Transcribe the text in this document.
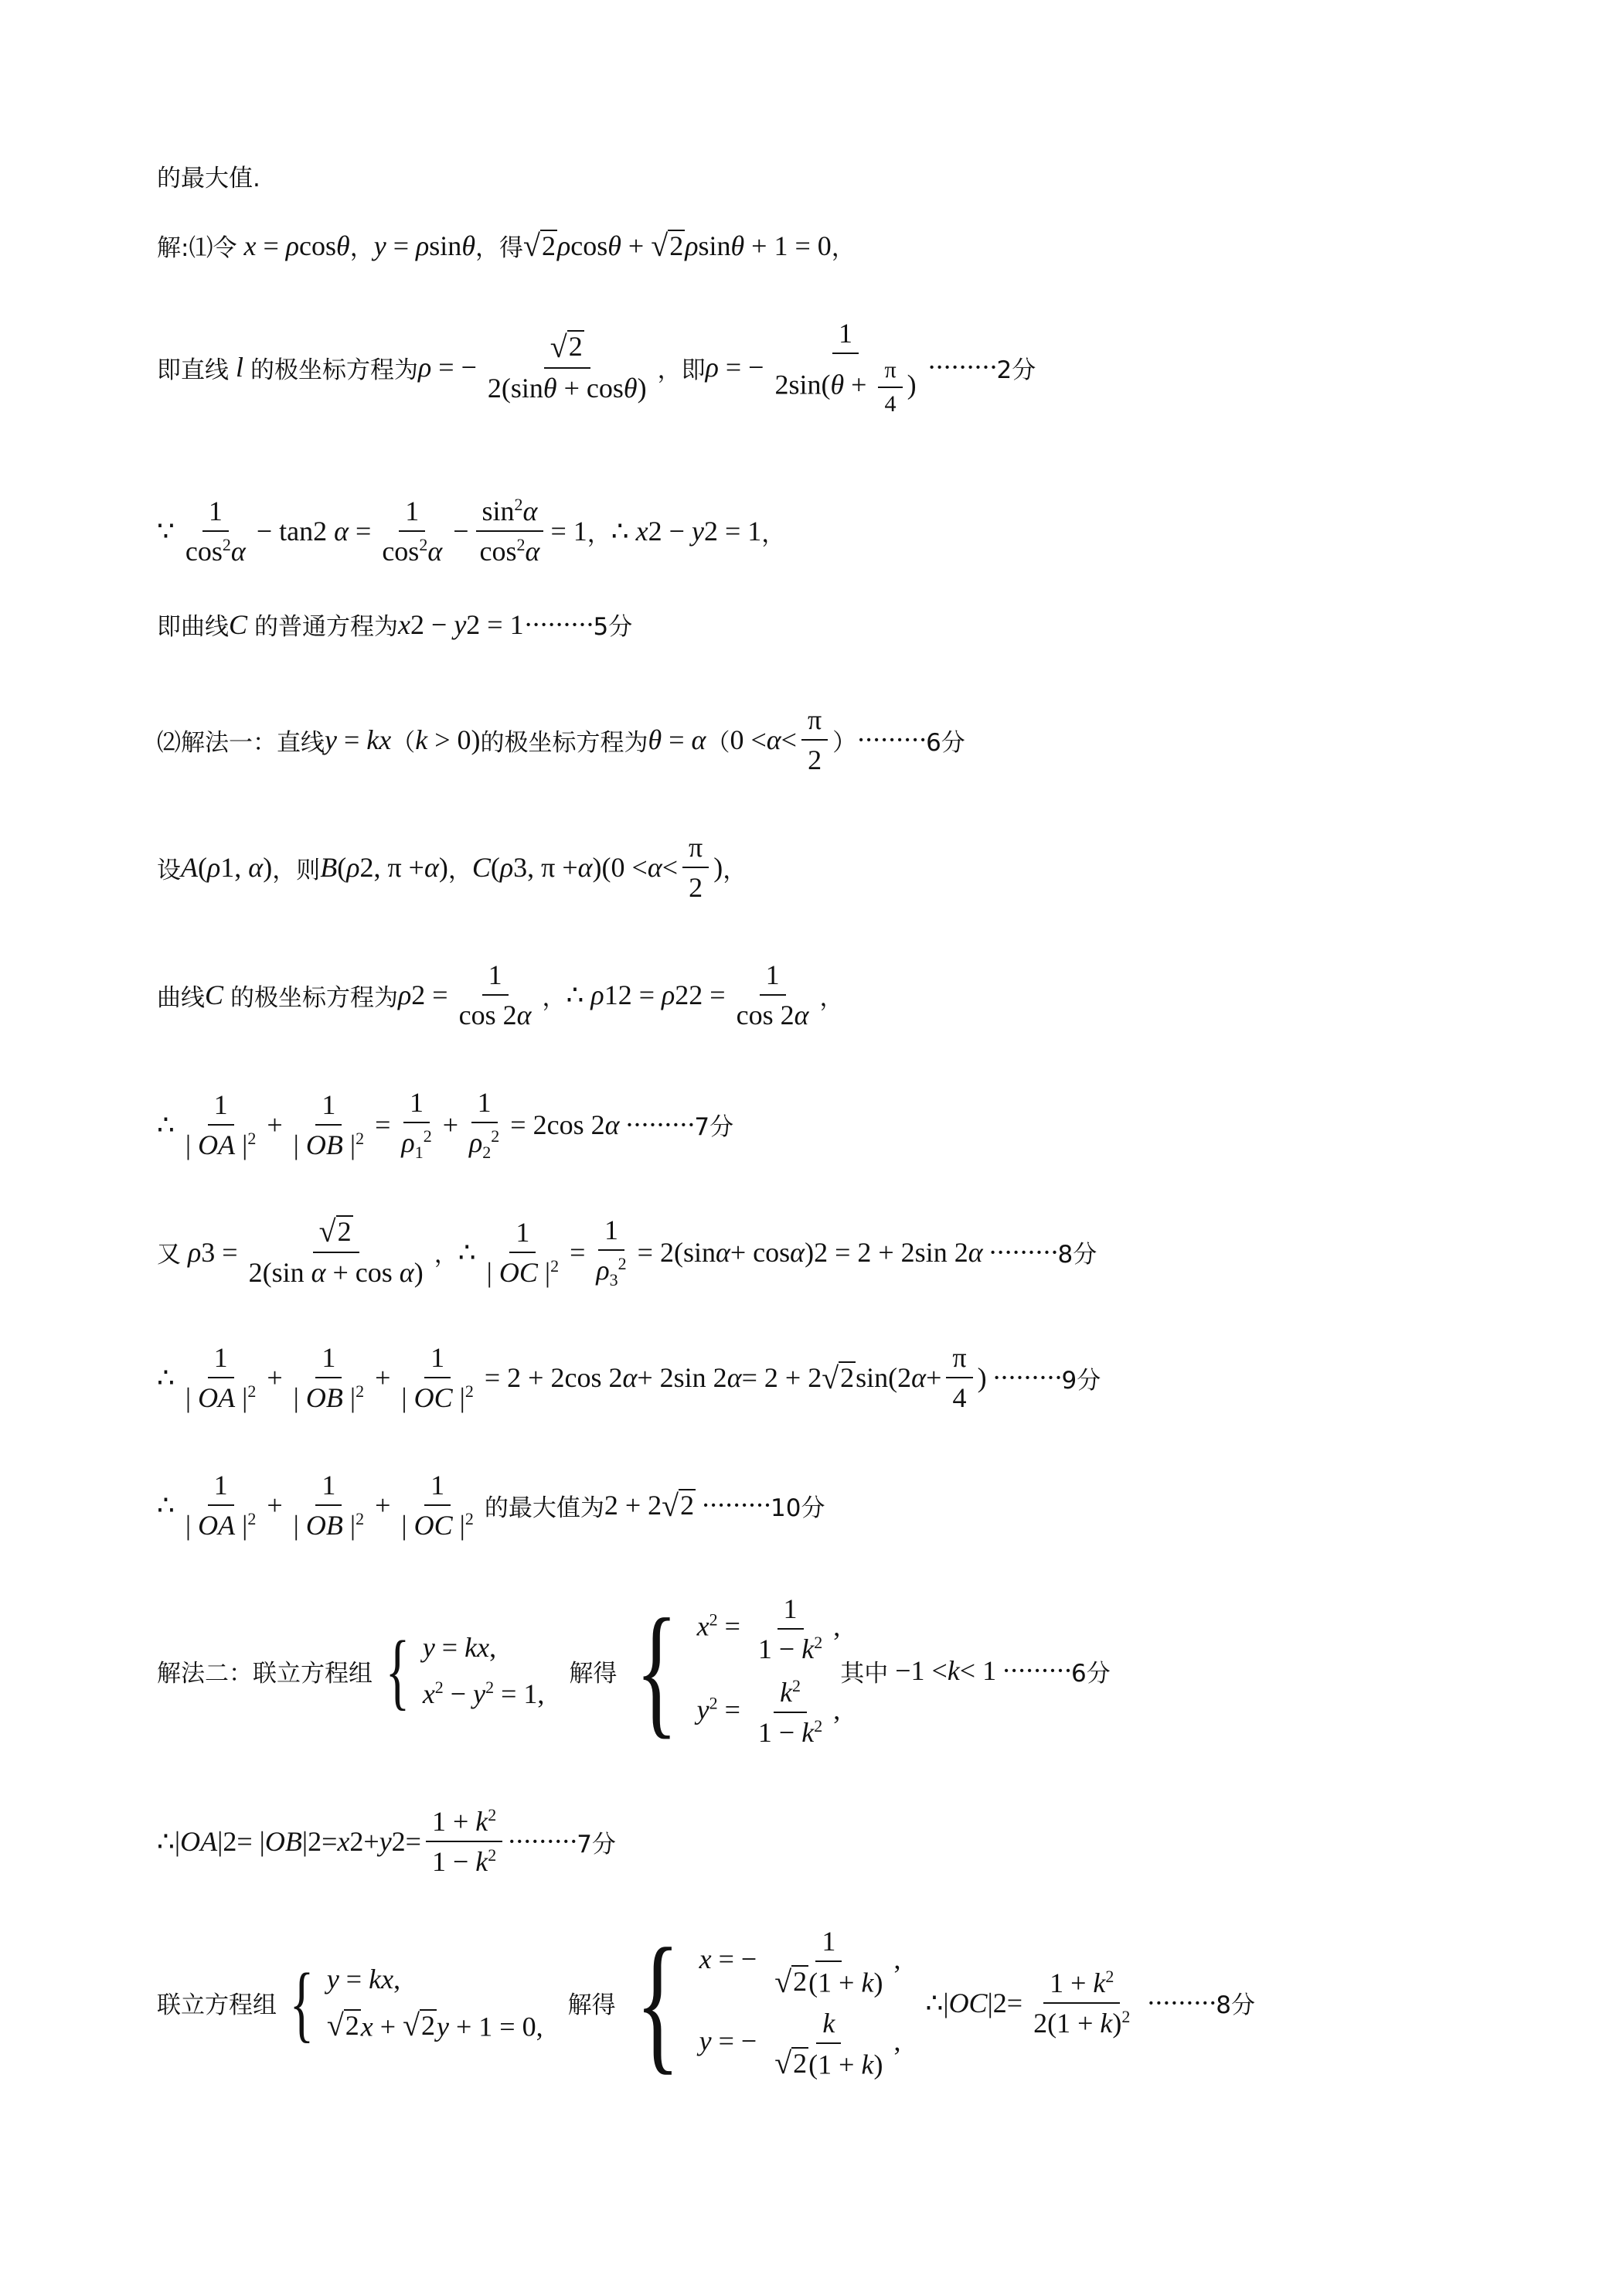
的最大值.
解:⑴令 x = ρ cos θ ， y = ρ sin θ ，得 √ 2 ρ cos θ + √ 2 ρ sin θ + 1 = 0 ，
即直线 l 的极坐标方程为 ρ = − $\frac{√ 2}{2(\sin\theta + \cos\theta)}$ ，即 ρ = − $\frac{1}{2\sin(\theta + \frac{\pi}{4} )}$ ········· 2分
∵ $\frac{1}{\cos^2\alpha} - \tan 2$ $\alpha = \frac{1}{\cos^2\alpha} - \frac{\sin^2\alpha}{\cos^2\alpha} = 1$ ， ∴ x 2 − y 2 = 1 ，
即曲线 C 的普通方程为 x 2 − y 2 = 1 ········· 5分
⑵解法一：直线 y = kx （ k > 0) 的极坐标方程为 θ = α （ $0 < \alpha < \frac{\pi}{2}$ ） ········· 6分
设 A ( ρ 1 , α ) ，则 B ( ρ 2 , π + α ) ， C ( ρ 3 , π + α )($0 < \alpha < \frac{\pi}{2}$ ) ，
曲线 C 的极坐标方程为 ρ $2 = \frac{1}{\cos 2\alpha}$ ， ∴ ρ 1 2 = ρ 2 $2 = \frac{1}{\cos 2\alpha}$ ，
∴ $\frac{1}{| OA |^2} + \frac{1}{| OB |^2} = \frac{1}{\rho_1^2} + \frac{1}{\rho_2^2} = 2\cos$ 2 α ········· 7分
又 ρ $3 = \frac{√ 2}{\text{2(sin α + cos α)}}$ ， ∴ $\frac{1}{| OC |^2} = \frac{1}{\rho_3^2} = 2(\sin$ α + cos α ) 2 = 2 + 2sin 2 α ········· 8分
∴ $\frac{1}{| OA |^2} + \frac{1}{| OB |^2} + \frac{1}{| OC |^2} = 2 + 2\cos$ 2 α + 2sin 2 α = 2 + 2 √ 2 sin(2 $\alpha + \frac{\pi}{4}$ ) ········· 9分
∴ $\frac{1}{| OA |^2} + \frac{1}{| OB |^2} + \frac{1}{| OC |^2}$ 的最大值为 2 + 2 √ 2 ········· 10分
解法二：联立方程组 { y = kx,
$x^2 - y^2 = 1$,
解得 { $x^2 = \frac{1}{1 - k^2}$ ,
$y^2 = \frac{k^2}{1 - k^2}$ ,
其中 −1 < k < 1 ········· 6分
∴| OA | 2 = | OB | 2 = x 2 + y $2 = \frac{1 + k^2}{1 - k^2}$ ········· 7分
联立方程组 { y = kx,
√ 2 x + √ 2 y + 1 = 0,
解得 { x = − $\frac{1}{√ 2 (1 + k)}$ ,
y = − $\frac{k}{√ 2 (1 + k)}$ ,
∴| OC | $2 = \frac{1 + k^2}{2(1 + k)^2}$ ········· 8分
